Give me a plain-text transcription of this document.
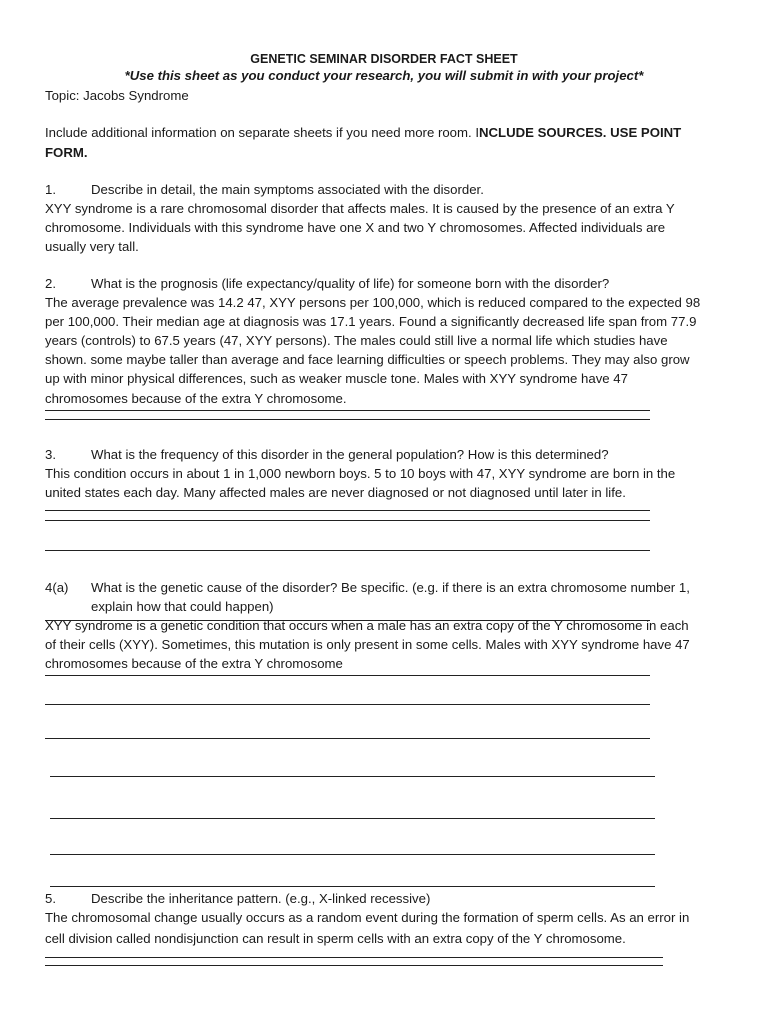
GENETIC SEMINAR DISORDER FACT SHEET
*Use this sheet as you conduct your research, you will submit in with your project*
Topic: Jacobs Syndrome
Include additional information on separate sheets if you need more room. INCLUDE SOURCES. USE POINT
FORM.
1.	Describe in detail, the main symptoms associated with the disorder.
XYY syndrome is a rare chromosomal disorder that affects males. It is caused by the presence of an extra Y
chromosome. Individuals with this syndrome have one X and two Y chromosomes. Affected individuals are
usually very tall.
2.	What is the prognosis (life expectancy/quality of life) for someone born with the disorder?
The average prevalence was 14.2 47, XYY persons per 100,000, which is reduced compared to the expected 98
per 100,000. Their median age at diagnosis was 17.1 years. Found a significantly decreased life span from 77.9
years (controls) to 67.5 years (47, XYY persons). The males could still live a normal life which studies have
shown. some maybe taller than average and face learning difficulties or speech problems. They may also grow
up with minor physical differences, such as weaker muscle tone. Males with XYY syndrome have 47
chromosomes because of the extra Y chromosome.
3.	What is the frequency of this disorder in the general population? How is this determined?
This condition occurs in about 1 in 1,000 newborn boys. 5 to 10 boys with 47, XYY syndrome are born in the
united states each day. Many affected males are never diagnosed or not diagnosed until later in life.
4(a) What is the genetic cause of the disorder? Be specific. (e.g. if there is an extra chromosome number 1,
explain how that could happen)
XYY syndrome is a genetic condition that occurs when a male has an extra copy of the Y chromosome in each
of their cells (XYY). Sometimes, this mutation is only present in some cells. Males with XYY syndrome have 47
chromosomes because of the extra Y chromosome
5.	Describe the inheritance pattern. (e.g., X-linked recessive)
The chromosomal change usually occurs as a random event during the formation of sperm cells. As an error in
cell division called nondisjunction can result in sperm cells with an extra copy of the Y chromosome.
